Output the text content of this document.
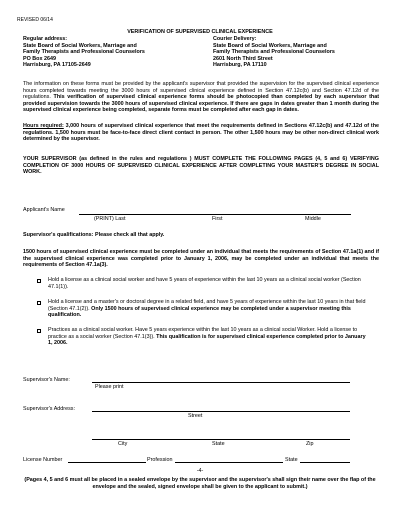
REVISED 06/14
VERIFICATION OF SUPERVISED CLINICAL EXPERIENCE
Regular address:
State Board of Social Workers, Marriage and
Family Therapists and Professional Counselors
PO Box 2649
Harrisburg, PA 17105-2649
Courier Delivery:
State Board of Social Workers, Marriage and
Family Therapists and Professional Counselors
2601 North Third Street
Harrisburg, PA 17110

The information on these forms must be provided by the applicant's supervisor that provided the supervision for the supervised clinical experience hours completed towards meeting the 3000 hours of supervised clinical experience defined in Section 47.12c(b) and Section 47.12d of the regulations. This verification of supervised clinical experience forms should be photocopied than completed by each supervisor that provided supervision towards the 3000 hours of supervised clinical experience. If there are gaps in dates greater than 1 month during the supervised clinical experience being completed, separate forms must be completed after each gap in dates.

Hours required: 3,000 hours of supervised clinical experience that meet the requirements defined in Sections 47.12c(b) and 47.12d of the regulations. 1,500 hours must be face-to-face direct client contact in person. The other 1,500 hours may be other non-direct clinical work determined by the supervisor.

YOUR SUPERVISOR (as defined in the rules and regulations ) MUST COMPLETE THE FOLLOWING PAGES (4, 5 and 6) VERIFYING COMPLETION OF 3000 HOURS OF SUPERVISED CLINICAL EXPERIENCE AFTER COMPLETING YOUR MASTER'S DEGREE IN SOCIAL WORK.

Applicant's Name
(PRINT) Last	First	Middle
Supervisor's qualifications: Please check all that apply.

1500 hours of supervised clinical experience must be completed under an individual that meets the requirements of Section 47.1a(1) and if the supervised clinical experience was completed prior to January 1, 2006, may be completed under an individual that meets the requirements of Section 47.1a(3).

Hold a license as a clinical social worker and have 5 years of experience within the last 10 years as a clinical social worker (Section 47.1(1)).

Hold a license and a master's or doctoral degree in a related field, and have 5 years of experience within the last 10 years in that field (Section 47.1(2)). Only 1500 hours of supervised clinical experience may be completed under a supervisor meeting this qualification.

Practices as a clinical social worker. Have 5 years experience within the last 10 years as a clinical social Worker. Hold a license to practice as a social worker (Section 47.1(3)). This qualification is for supervised clinical experience completed prior to January 1, 2006.

Supervisor's Name:
Please print
Supervisor's Address:
Street
City	State	Zip
License Number	Profession	State
-4-

(Pages 4, 5 and 6 must all be placed in a sealed envelope by the supervisor and the supervisor's shall sign their name over the flap of the envelope and the sealed, signed envelope shall be given to the applicant to submit.)
